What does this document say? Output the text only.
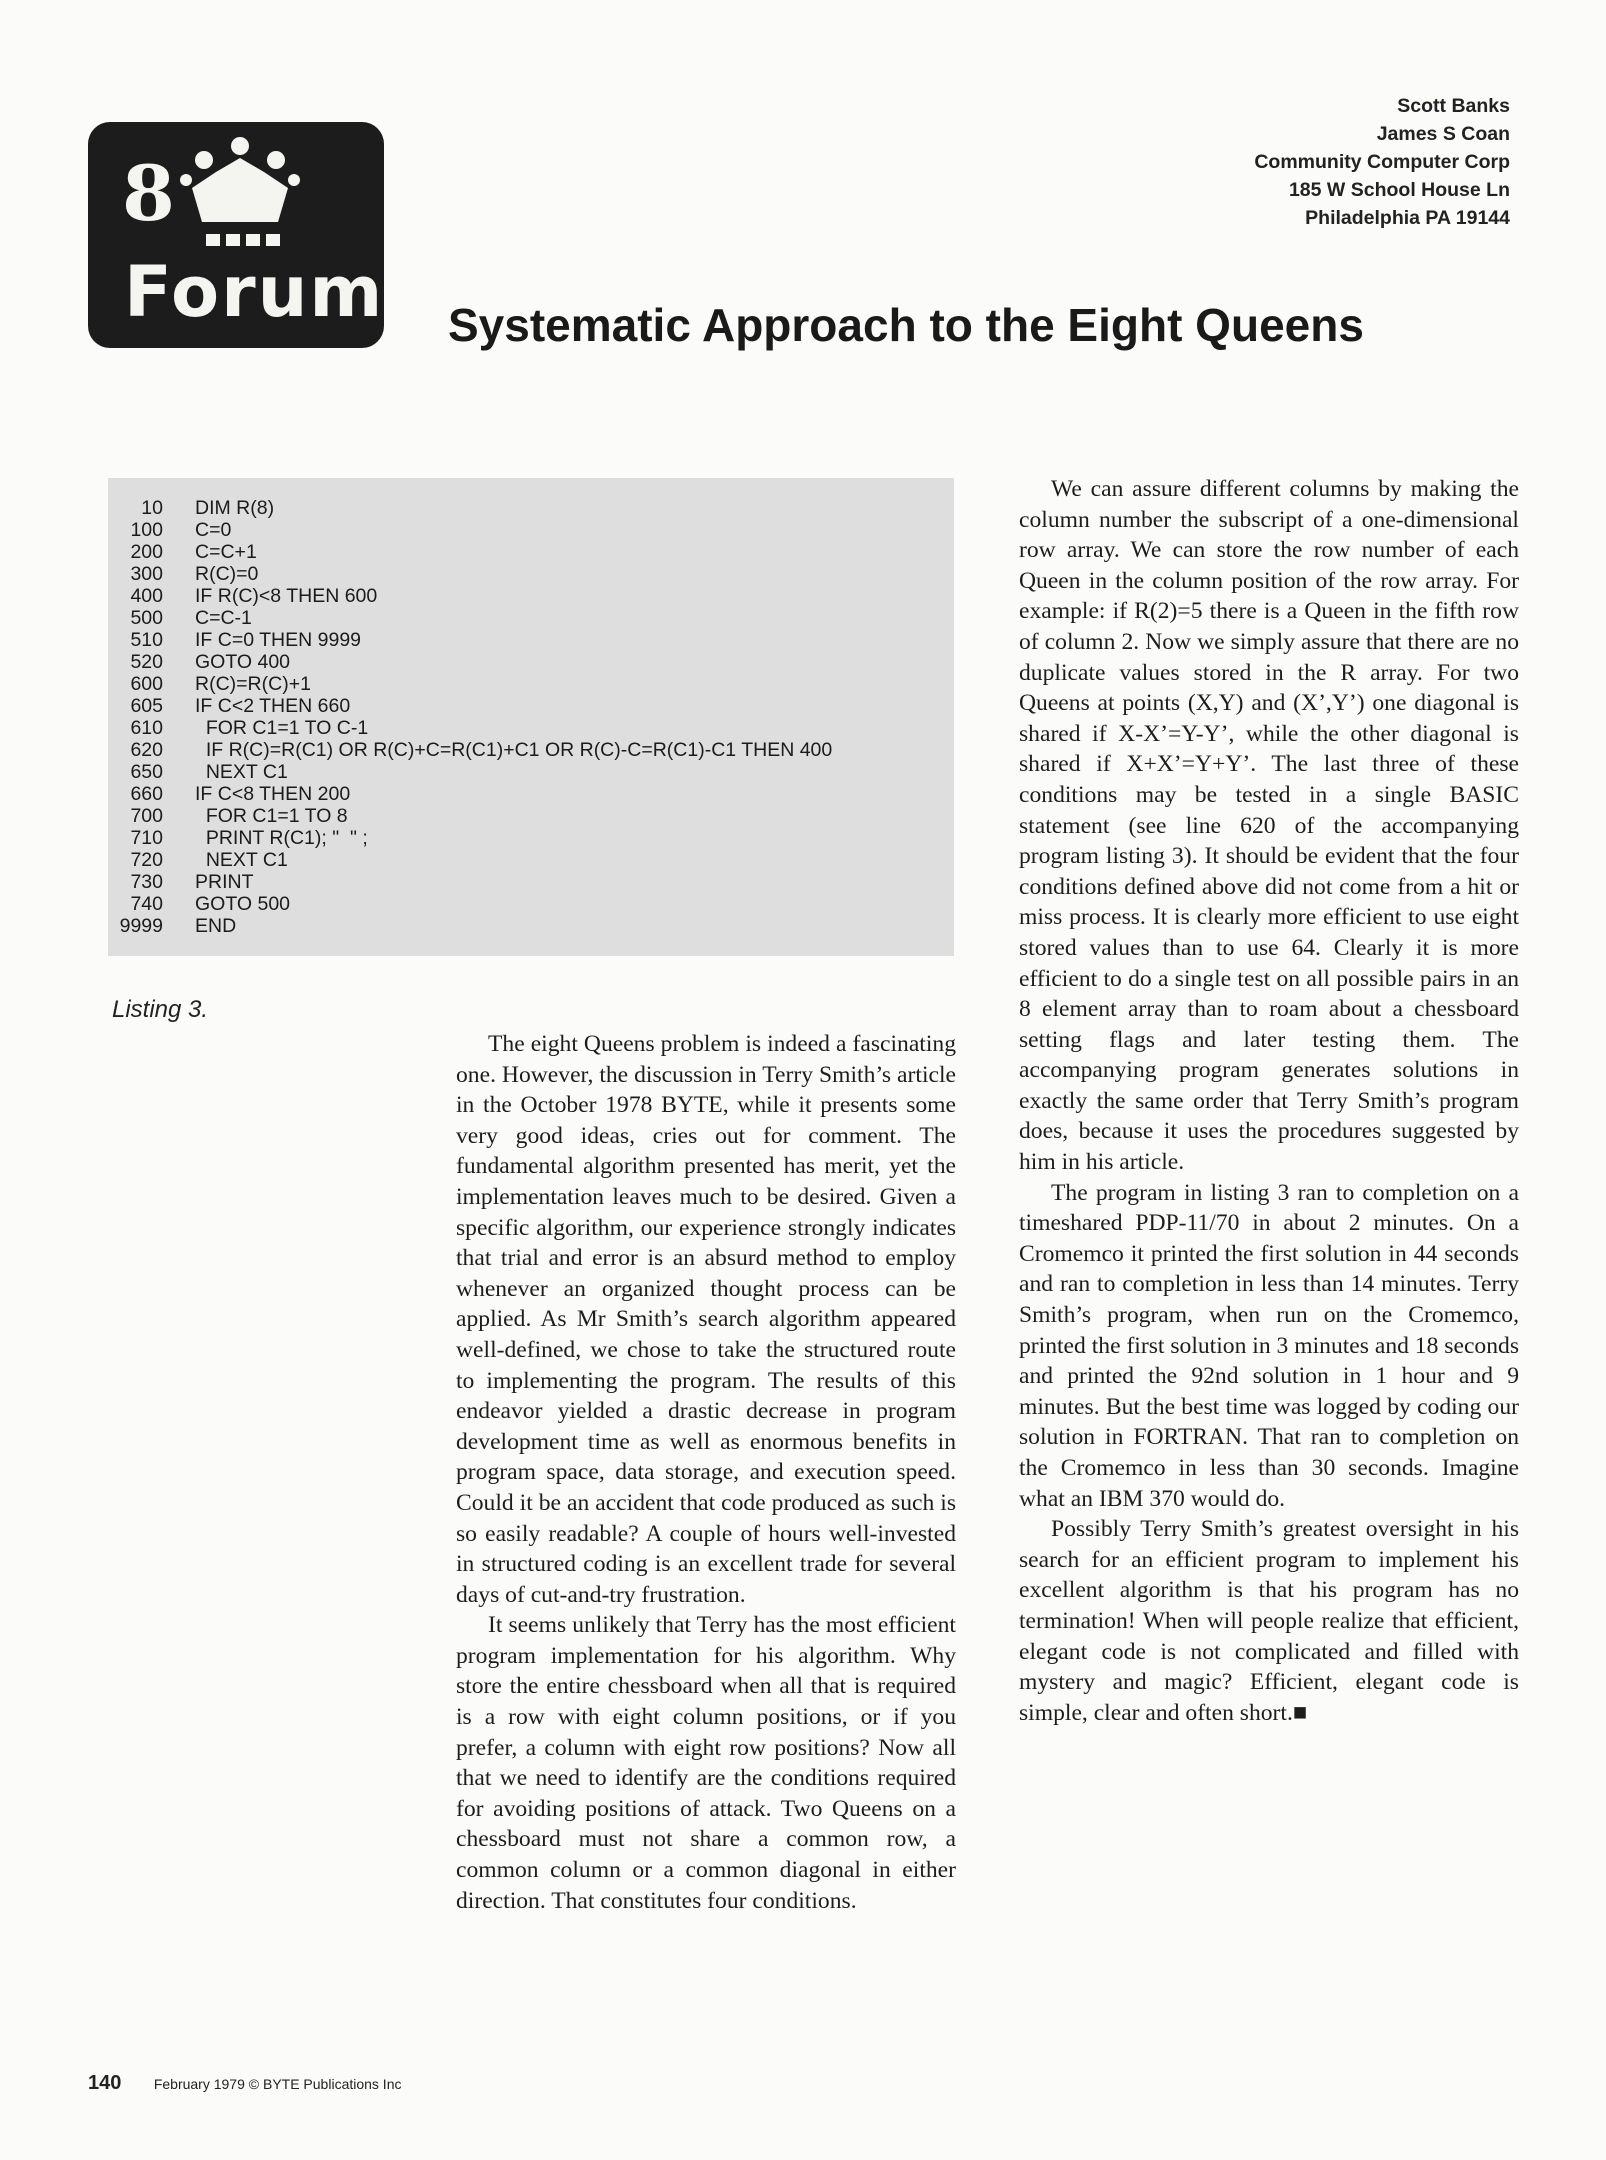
8
Forum
Scott Banks
James S Coan
Community Computer Corp
185 W School House Ln
Philadelphia PA 19144
Systematic Approach to the Eight Queens
10 DIM R(8)
100 C=0
200 C=C+1
300 R(C)=0
400 IF R(C)<8 THEN 600
500 C=C-1
510 IF C=0 THEN 9999
520 GOTO 400
600 R(C)=R(C)+1
605 IF C<2 THEN 660
610 FOR C1=1 TO C-1
620 IF R(C)=R(C1) OR R(C)+C=R(C1)+C1 OR R(C)-C=R(C1)-C1 THEN 400
650 NEXT C1
660 IF C<8 THEN 200
700 FOR C1=1 TO 8
710 PRINT R(C1); "  " ;
720 NEXT C1
730 PRINT
740 GOTO 500
9999 END
Listing 3.

The eight Queens problem is indeed a fascinating one. However, the discussion in Terry Smith’s article in the October 1978 BYTE, while it presents some very good ideas, cries out for comment. The fundamental algorithm presented has merit, yet the implementation leaves much to be desired. Given a specific algorithm, our experience strongly indicates that trial and error is an absurd method to employ whenever an organized thought process can be applied. As Mr Smith’s search algorithm appeared well-defined, we chose to take the structured route to implementing the program. The results of this endeavor yielded a drastic decrease in program development time as well as enormous benefits in program space, data storage, and execution speed. Could it be an accident that code produced as such is so easily readable? A couple of hours well-invested in structured coding is an excellent trade for several days of cut-and-try frustration.

It seems unlikely that Terry has the most efficient program implementation for his algorithm. Why store the entire chessboard when all that is required is a row with eight column positions, or if you prefer, a column with eight row positions? Now all that we need to identify are the conditions required for avoiding positions of attack. Two Queens on a chessboard must not share a common row, a common column or a common diagonal in either direction. That constitutes four conditions.

We can assure different columns by making the column number the subscript of a one-dimensional row array. We can store the row number of each Queen in the column position of the row array. For example: if R(2)=5 there is a Queen in the fifth row of column 2. Now we simply assure that there are no duplicate values stored in the R array. For two Queens at points (X,Y) and (X’,Y’) one diagonal is shared if X-X’=Y-Y’, while the other diagonal is shared if X+X’=Y+Y’. The last three of these conditions may be tested in a single BASIC statement (see line 620 of the accompanying program listing 3). It should be evident that the four conditions defined above did not come from a hit or miss process. It is clearly more efficient to use eight stored values than to use 64. Clearly it is more efficient to do a single test on all possible pairs in an 8 element array than to roam about a chessboard setting flags and later testing them. The accompanying program generates solutions in exactly the same order that Terry Smith’s program does, because it uses the procedures suggested by him in his article.

The program in listing 3 ran to completion on a timeshared PDP-11/70 in about 2 minutes. On a Cromemco it printed the first solution in 44 seconds and ran to completion in less than 14 minutes. Terry Smith’s program, when run on the Cromemco, printed the first solution in 3 minutes and 18 seconds and printed the 92nd solution in 1 hour and 9 minutes. But the best time was logged by coding our solution in FORTRAN. That ran to completion on the Cromemco in less than 30 seconds. Imagine what an IBM 370 would do.

Possibly Terry Smith’s greatest oversight in his search for an efficient program to implement his excellent algorithm is that his program has no termination! When will people realize that efficient, elegant code is not complicated and filled with mystery and magic? Efficient, elegant code is simple, clear and often short.■

140 February 1979 © BYTE Publications Inc
